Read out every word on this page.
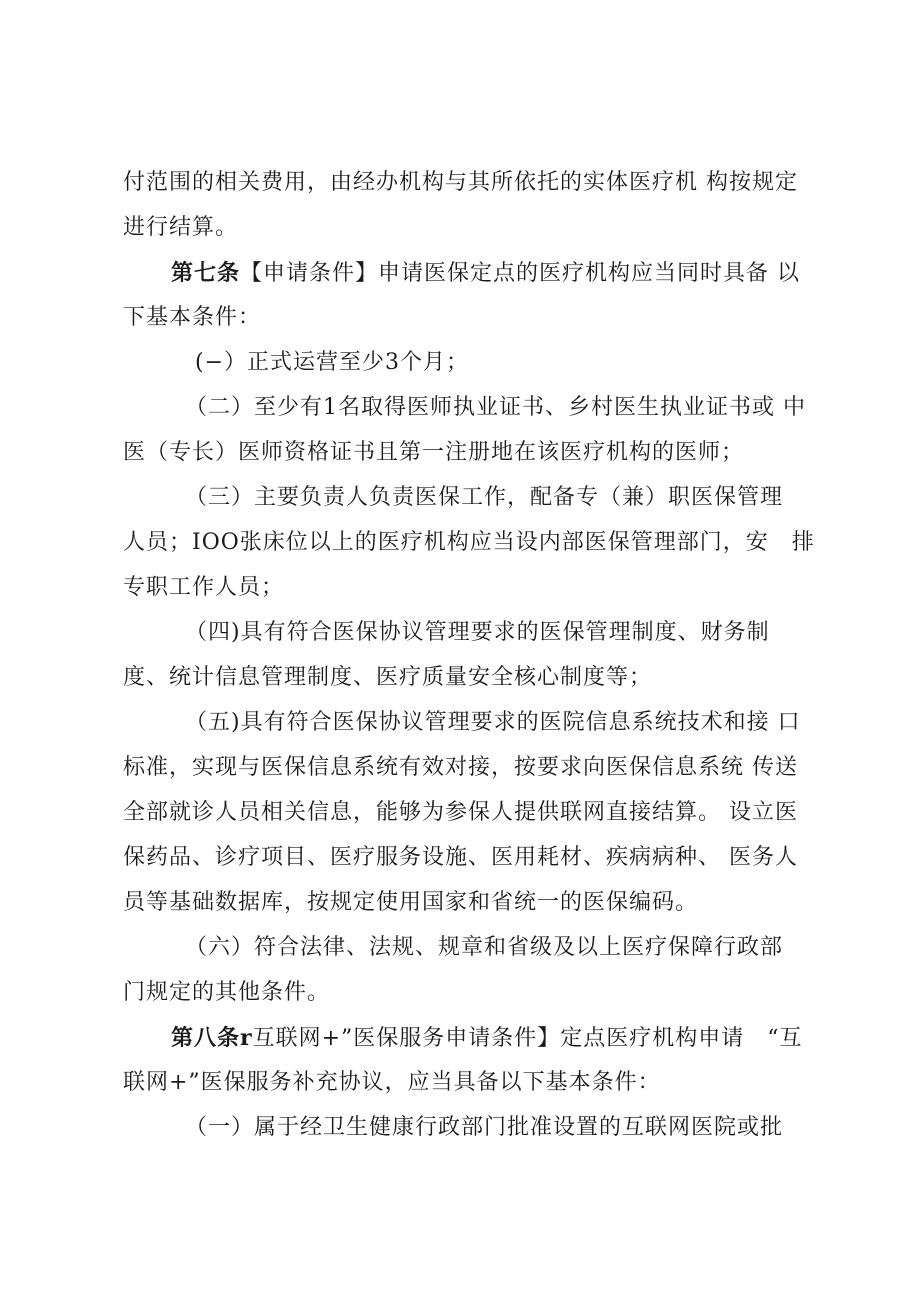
付范围的相关费用，由经办机构与其所依托的实体医疗机 构按规定
进行结算。
第七条【申请条件】申请医保定点的医疗机构应当同时具备 以
下基本条件：
(−）正式运营至少3个月；
（二）至少有1名取得医师执业证书、乡村医生执业证书或 中
医（专长）医师资格证书且第一注册地在该医疗机构的医师；
（三）主要负责人负责医保工作，配备专（兼）职医保管理
人员；IOO张床位以上的医疗机构应当设内部医保管理部门，安　排
专职工作人员；
（四)具有符合医保协议管理要求的医保管理制度、财务制
度、统计信息管理制度、医疗质量安全核心制度等；
（五)具有符合医保协议管理要求的医院信息系统技术和接 口
标准，实现与医保信息系统有效对接，按要求向医保信息系统 传送
全部就诊人员相关信息，能够为参保人提供联网直接结算。 设立医
保药品、诊疗项目、医疗服务设施、医用耗材、疾病病种、 医务人
员等基础数据库，按规定使用国家和省统一的医保编码。
（六）符合法律、法规、规章和省级及以上医疗保障行政部
门规定的其他条件。
第八条r互联网+”医保服务申请条件】定点医疗机构申请　“互
联网+”医保服务补充协议，应当具备以下基本条件：
（一）属于经卫生健康行政部门批准设置的互联网医院或批
